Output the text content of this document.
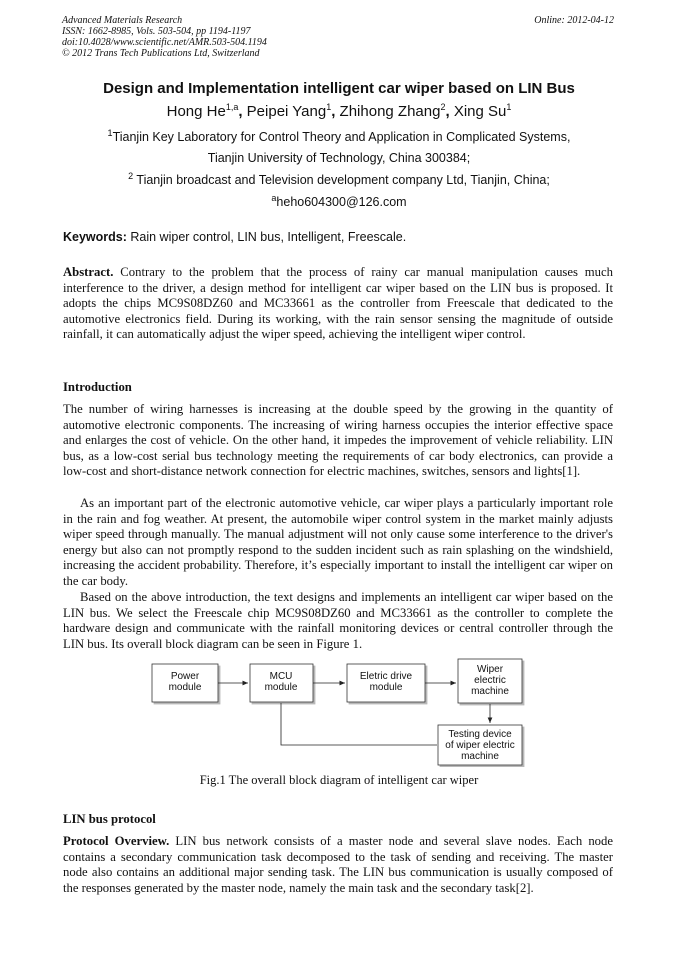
Advanced Materials Research
ISSN: 1662-8985, Vols. 503-504, pp 1194-1197
doi:10.4028/www.scientific.net/AMR.503-504.1194
© 2012 Trans Tech Publications Ltd, Switzerland
Online: 2012-04-12
Design and Implementation intelligent car wiper based on LIN Bus
Hong He$^{1,a}$, Peipei Yang$^1$, Zhihong Zhang$^2$, Xing Su$^1$
$^1$Tianjin Key Laboratory for Control Theory and Application in Complicated Systems,
Tianjin University of Technology, China 300384;
$^2$ Tianjin broadcast and Television development company Ltd, Tianjin, China;
$^a$heho604300@126.com
Keywords: Rain wiper control, LIN bus, Intelligent, Freescale.
Abstract. Contrary to the problem that the process of rainy car manual manipulation causes much interference to the driver, a design method for intelligent car wiper based on the LIN bus is proposed. It adopts the chips MC9S08DZ60 and MC33661 as the controller from Freescale that dedicated to the automotive electronics field. During its working, with the rain sensor sensing the magnitude of outside rainfall, it can automatically adjust the wiper speed, achieving the intelligent wiper control.
Introduction
The number of wiring harnesses is increasing at the double speed by the growing in the quantity of automotive electronic components. The increasing of wiring harness occupies the interior effective space and enlarges the cost of vehicle. On the other hand, it impedes the improvement of vehicle reliability. LIN bus, as a low-cost serial bus technology meeting the requirements of car body electronics, can provide a low-cost and short-distance network connection for electric machines, switches, sensors and lights[1].
As an important part of the electronic automotive vehicle, car wiper plays a particularly important role in the rain and fog weather. At present, the automobile wiper control system in the market mainly adjusts wiper speed through manually. The manual adjustment will not only cause some interference to the driver's energy but also can not promptly respond to the sudden incident such as rain splashing on the windshield, increasing the accident probability. Therefore, it’s especially important to install the intelligent car wiper on the car body.
Based on the above introduction, the text designs and implements an intelligent car wiper based on the LIN bus. We select the Freescale chip MC9S08DZ60 and MC33661 as the controller to complete the hardware design and communicate with the rainfall monitoring devices or central controller through the LIN bus. Its overall block diagram can be seen in Figure 1.
Power
module
MCU
module
Eletric drive
module
Wiper
electric
machine
Testing device
of wiper electric
machine
Fig.1 The overall block diagram of intelligent car wiper
LIN bus protocol
Protocol Overview. LIN bus network consists of a master node and several slave nodes. Each node contains a secondary communication task decomposed to the task of sending and receiving. The master node also contains an additional major sending task. The LIN bus communication is usually composed of the responses generated by the master node, namely the main task and the secondary task[2].
